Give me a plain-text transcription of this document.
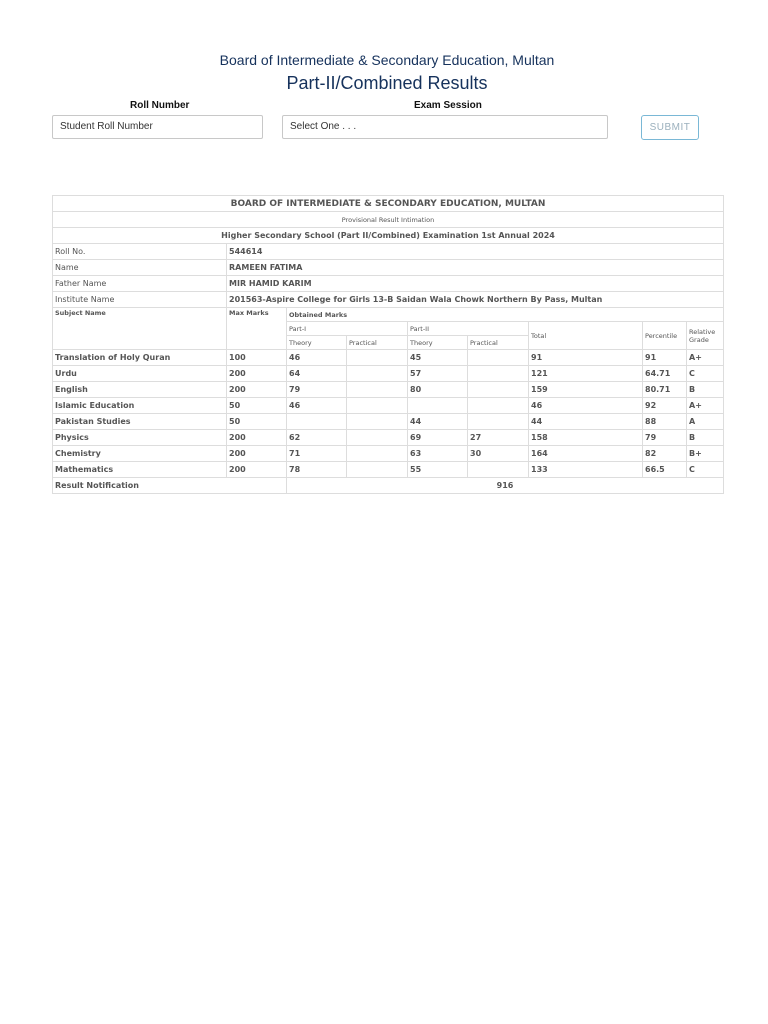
Board of Intermediate & Secondary Education, Multan
Part-II/Combined Results
Roll Number	Exam Session
Student Roll Number	Select One . . .	SUBMIT
BOARD OF INTERMEDIATE & SECONDARY EDUCATION, MULTAN								
Provisional Result Intimation								
Higher Secondary School (Part II/Combined) Examination 1st Annual 2024								
Roll No.	544614							
Name	RAMEEN FATIMA							
Father Name	MIR HAMID KARIM							
Institute Name	201563-Aspire College for Girls 13-B Saidan Wala Chowk Northern By Pass, Multan							
Subject Name	Max Marks	Obtained Marks						
		Part-I		Part-II		Total	Percentile	Relative Grade
		Theory	Practical	Theory	Practical			
Translation of Holy Quran	100	46		45		91	91	A+
Urdu	200	64		57		121	64.71	C
English	200	79		80		159	80.71	B
Islamic Education	50	46				46	92	A+
Pakistan Studies	50			44		44	88	A
Physics	200	62		69	27	158	79	B
Chemistry	200	71		63	30	164	82	B+
Mathematics	200	78		55		133	66.5	C
Result Notification		916						
